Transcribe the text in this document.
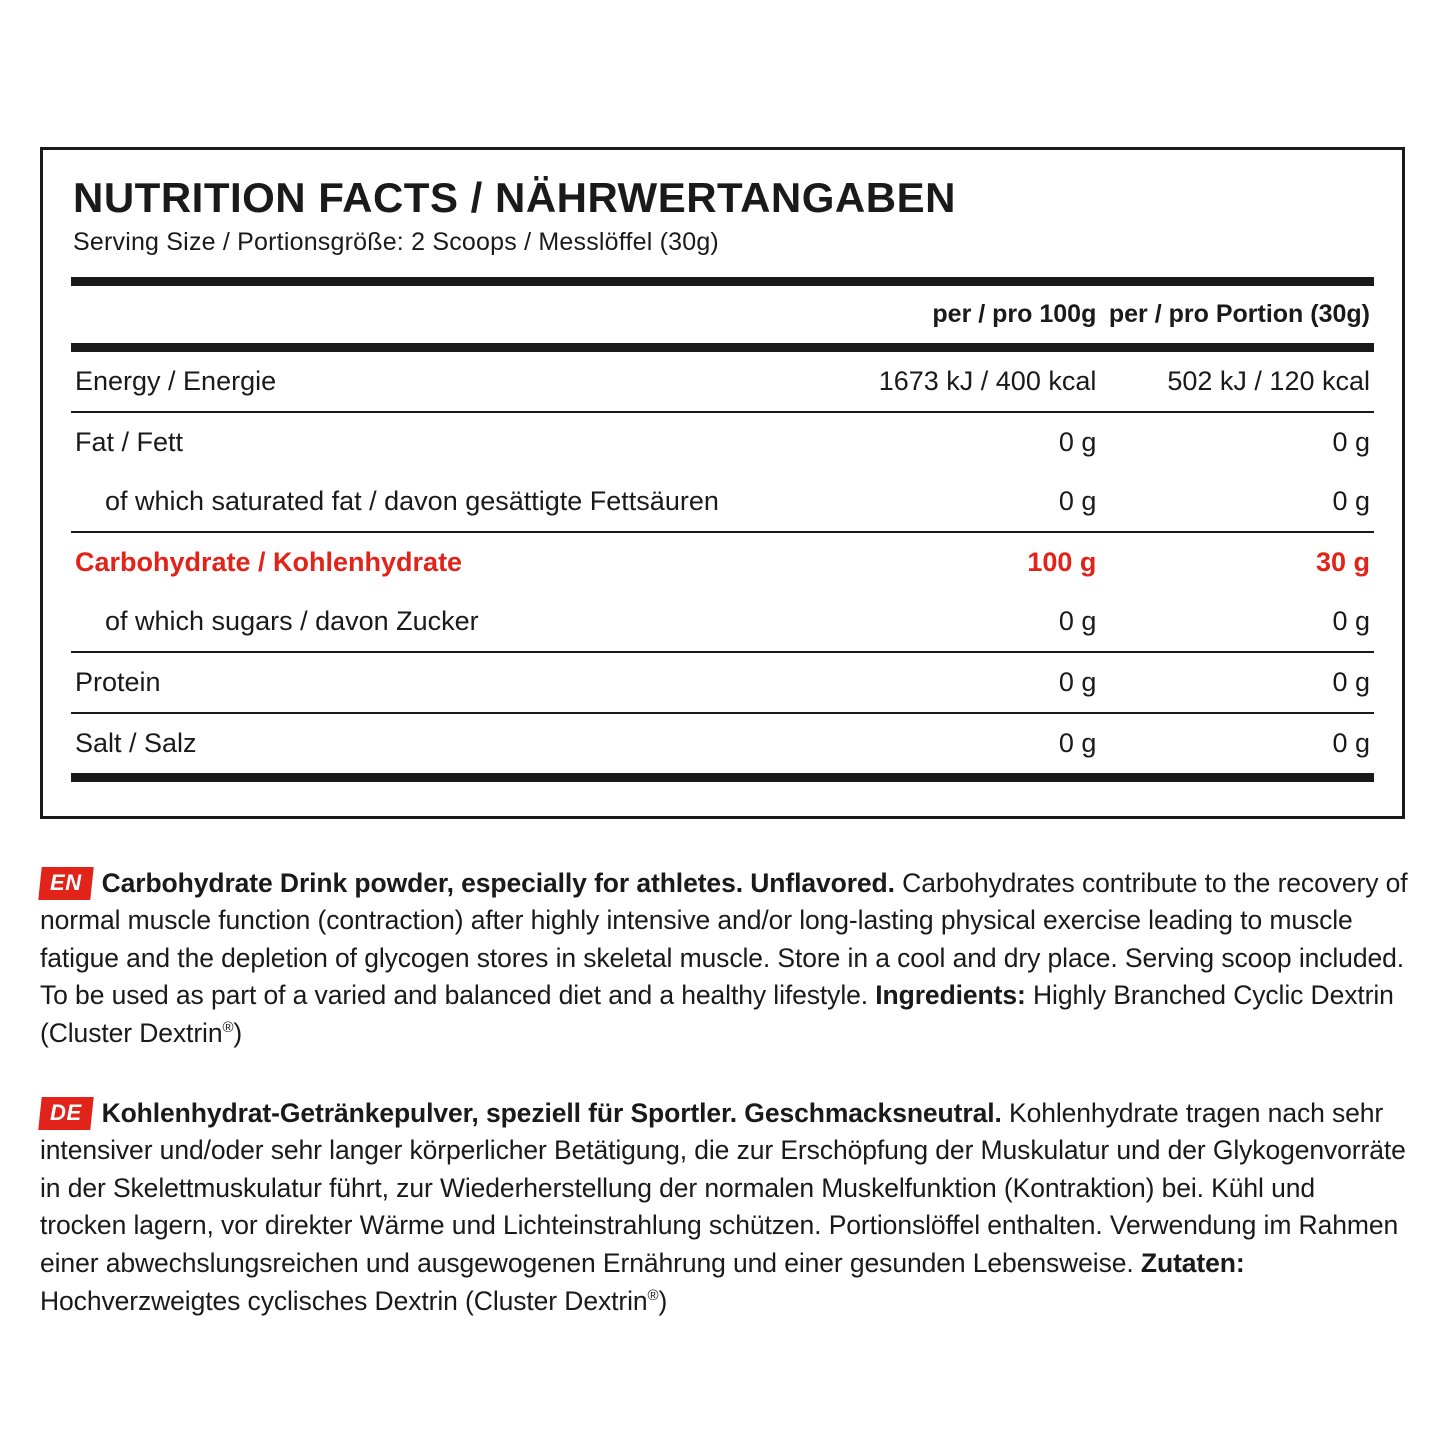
NUTRITION FACTS / NÄHRWERTANGABEN
Serving Size / Portionsgröße: 2 Scoops / Messlöffel (30g)

	per / pro 100g	per / pro Portion (30g)

Energy / Energie	1673 kJ / 400 kcal	502 kJ / 120 kcal

Fat / Fett	0 g	0 g
of which saturated fat / davon gesättigte Fettsäuren	0 g	0 g

Carbohydrate / Kohlenhydrate	100 g	30 g
of which sugars / davon Zucker	0 g	0 g

Protein	0 g	0 g

Salt / Salz	0 g	0 g

EN Carbohydrate Drink powder, especially for athletes. Unflavored. Carbohydrates contribute to the recovery of normal muscle function (contraction) after highly intensive and/or long-lasting physical exercise leading to muscle fatigue and the depletion of glycogen stores in skeletal muscle. Store in a cool and dry place. Serving scoop included. To be used as part of a varied and balanced diet and a healthy lifestyle. Ingredients: Highly Branched Cyclic Dextrin (Cluster Dextrin®)

DE Kohlenhydrat-Getränkepulver, speziell für Sportler. Geschmacksneutral. Kohlenhydrate tragen nach sehr intensiver und/oder sehr langer körperlicher Betätigung, die zur Erschöpfung der Muskulatur und der Glykogenvorräte in der Skelettmuskulatur führt, zur Wiederherstellung der normalen Muskelfunktion (Kontraktion) bei. Kühl und trocken lagern, vor direkter Wärme und Lichteinstrahlung schützen. Portionslöffel enthalten. Verwendung im Rahmen einer abwechslungsreichen und ausgewogenen Ernährung und einer gesunden Lebensweise. Zutaten: Hochverzweigtes cyclisches Dextrin (Cluster Dextrin®)
